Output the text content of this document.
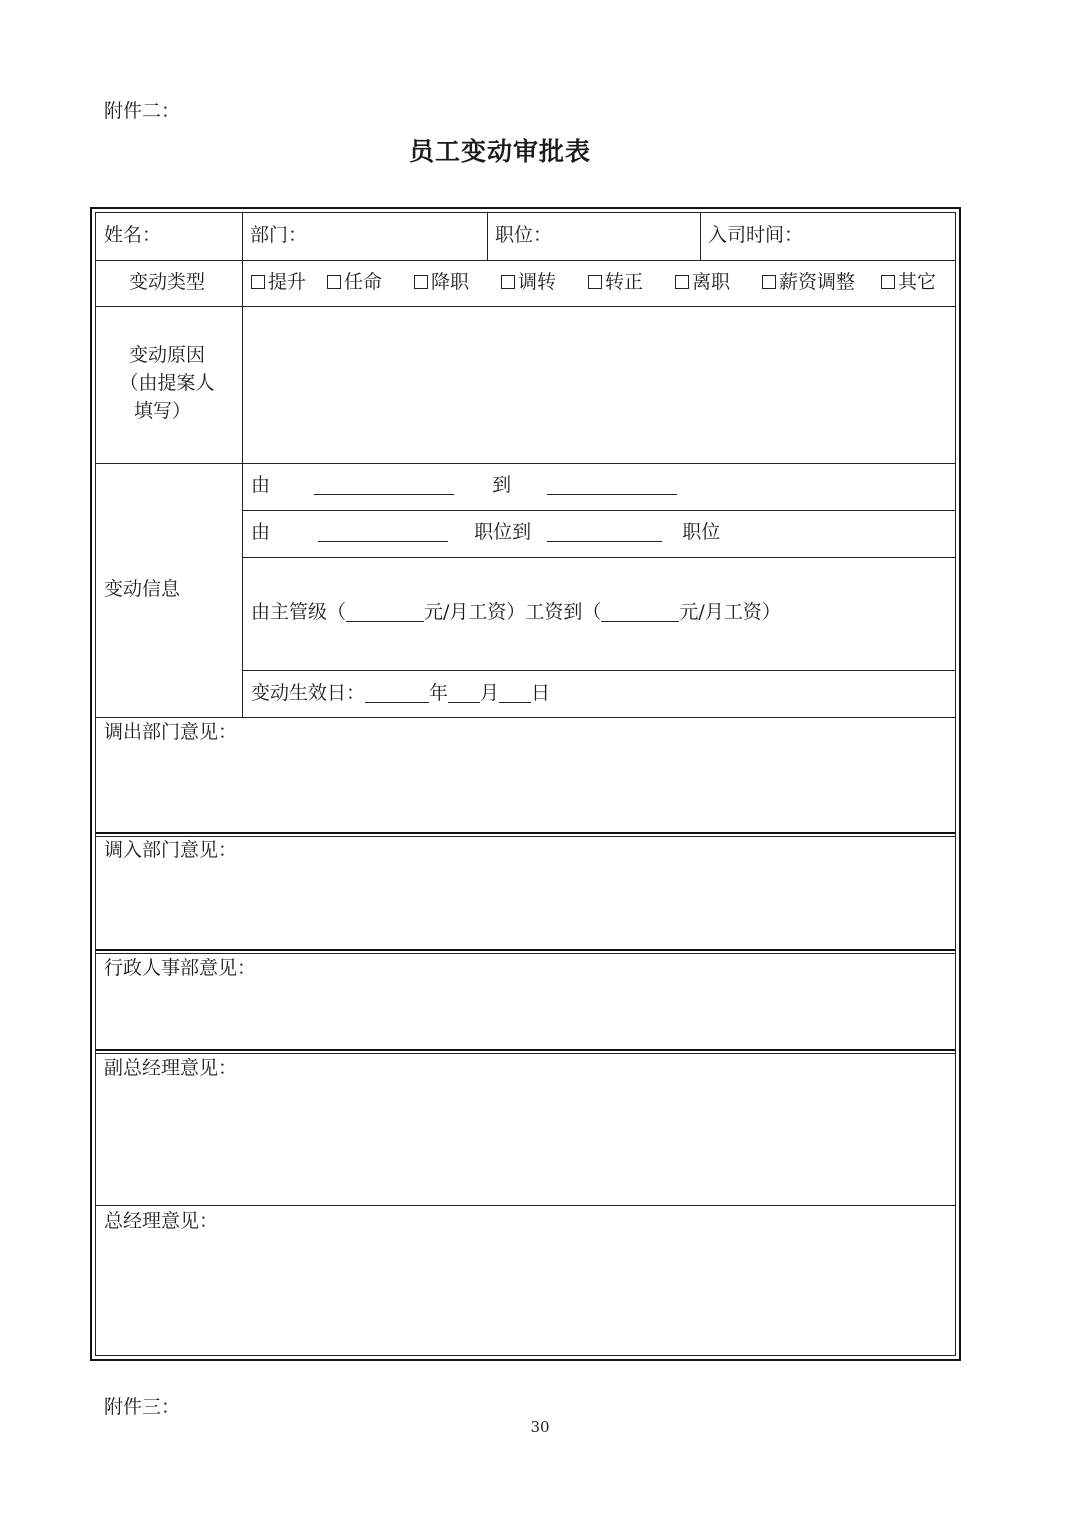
附件二：
员工变动审批表
姓名：	部门：	职位：	入司时间：
变动类型	提升 任命	降职	调转	转正	离职	薪资调整 其它
变动原因
（由提案人
填写）
变动信息
由	到
由	职位到	职位
由主管级（	元/月工资）工资到（	元/月工资）
变动生效日：	年 月 日
调出部门意见：
调入部门意见：
行政人事部意见：
副总经理意见：
总经理意见：
附件三：
30
